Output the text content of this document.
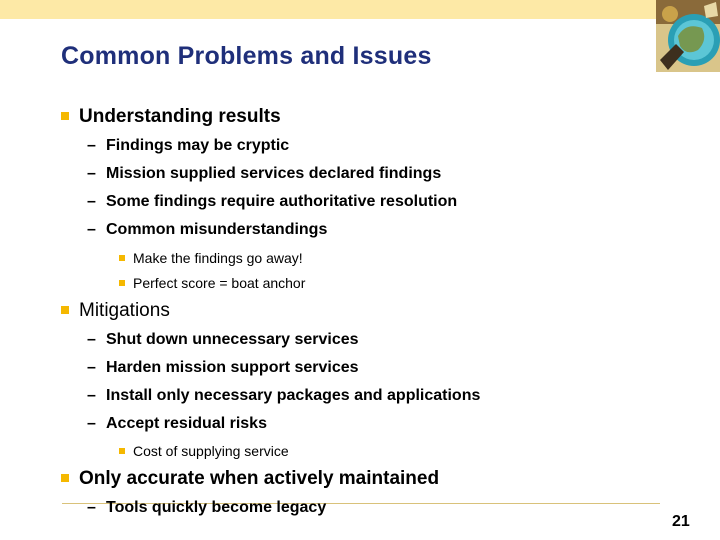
Common Problems and Issues
Understanding results
– Findings may be cryptic
– Mission supplied services declared findings
– Some findings require authoritative resolution
– Common misunderstandings
Make the findings go away!
Perfect score = boat anchor
Mitigations
– Shut down unnecessary services
– Harden mission support services
– Install only necessary packages and applications
– Accept residual risks
Cost of supplying service
Only accurate when actively maintained
– Tools quickly become legacy
21
